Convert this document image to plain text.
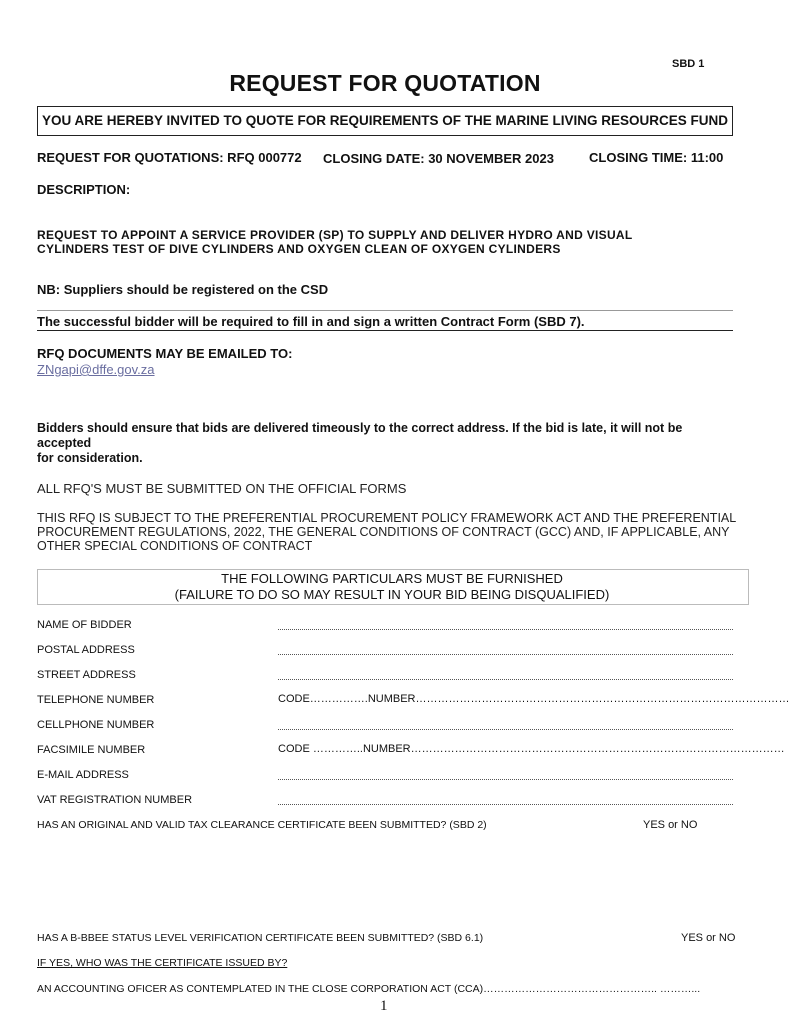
SBD 1
REQUEST FOR QUOTATION
YOU ARE HEREBY INVITED TO QUOTE FOR REQUIREMENTS OF THE MARINE LIVING RESOURCES FUND
REQUEST FOR QUOTATIONS: RFQ 000772 CLOSING DATE: 30 NOVEMBER 2023	CLOSING TIME: 11:00
DESCRIPTION:
REQUEST TO APPOINT A SERVICE PROVIDER (SP) TO SUPPLY AND DELIVER HYDRO AND VISUAL
CYLINDERS TEST OF DIVE CYLINDERS AND OXYGEN CLEAN OF OXYGEN CYLINDERS
NB: Suppliers should be registered on the CSD
The successful bidder will be required to fill in and sign a written Contract Form (SBD 7).
RFQ DOCUMENTS MAY BE EMAILED TO:
ZNgapi@dffe.gov.za
Bidders should ensure that bids are delivered timeously to the correct address. If the bid is late, it will not be accepted
for consideration.
ALL RFQ'S MUST BE SUBMITTED ON THE OFFICIAL FORMS
THIS RFQ IS SUBJECT TO THE PREFERENTIAL PROCUREMENT POLICY FRAMEWORK ACT AND THE PREFERENTIAL
PROCUREMENT REGULATIONS, 2022, THE GENERAL CONDITIONS OF CONTRACT (GCC) AND, IF APPLICABLE, ANY
OTHER SPECIAL CONDITIONS OF CONTRACT
THE FOLLOWING PARTICULARS MUST BE FURNISHED
(FAILURE TO DO SO MAY RESULT IN YOUR BID BEING DISQUALIFIED)
NAME OF BIDDER
POSTAL ADDRESS
STREET ADDRESS
TELEPHONE NUMBER	CODE…………….NUMBER…………………………………………………………………………………………
CELLPHONE NUMBER
FACSIMILE NUMBER	CODE …………..NUMBER…………………………………………………………………………………………
E-MAIL ADDRESS
VAT REGISTRATION NUMBER
HAS AN ORIGINAL AND VALID TAX CLEARANCE CERTIFICATE BEEN SUBMITTED? (SBD 2)	YES or NO
HAS A B-BBEE STATUS LEVEL VERIFICATION CERTIFICATE BEEN SUBMITTED? (SBD 6.1)	YES or NO
IF YES, WHO WAS THE CERTIFICATE ISSUED BY?
AN ACCOUNTING OFICER AS CONTEMPLATED IN THE CLOSE CORPORATION ACT (CCA)………………………………………….. ………...
1
